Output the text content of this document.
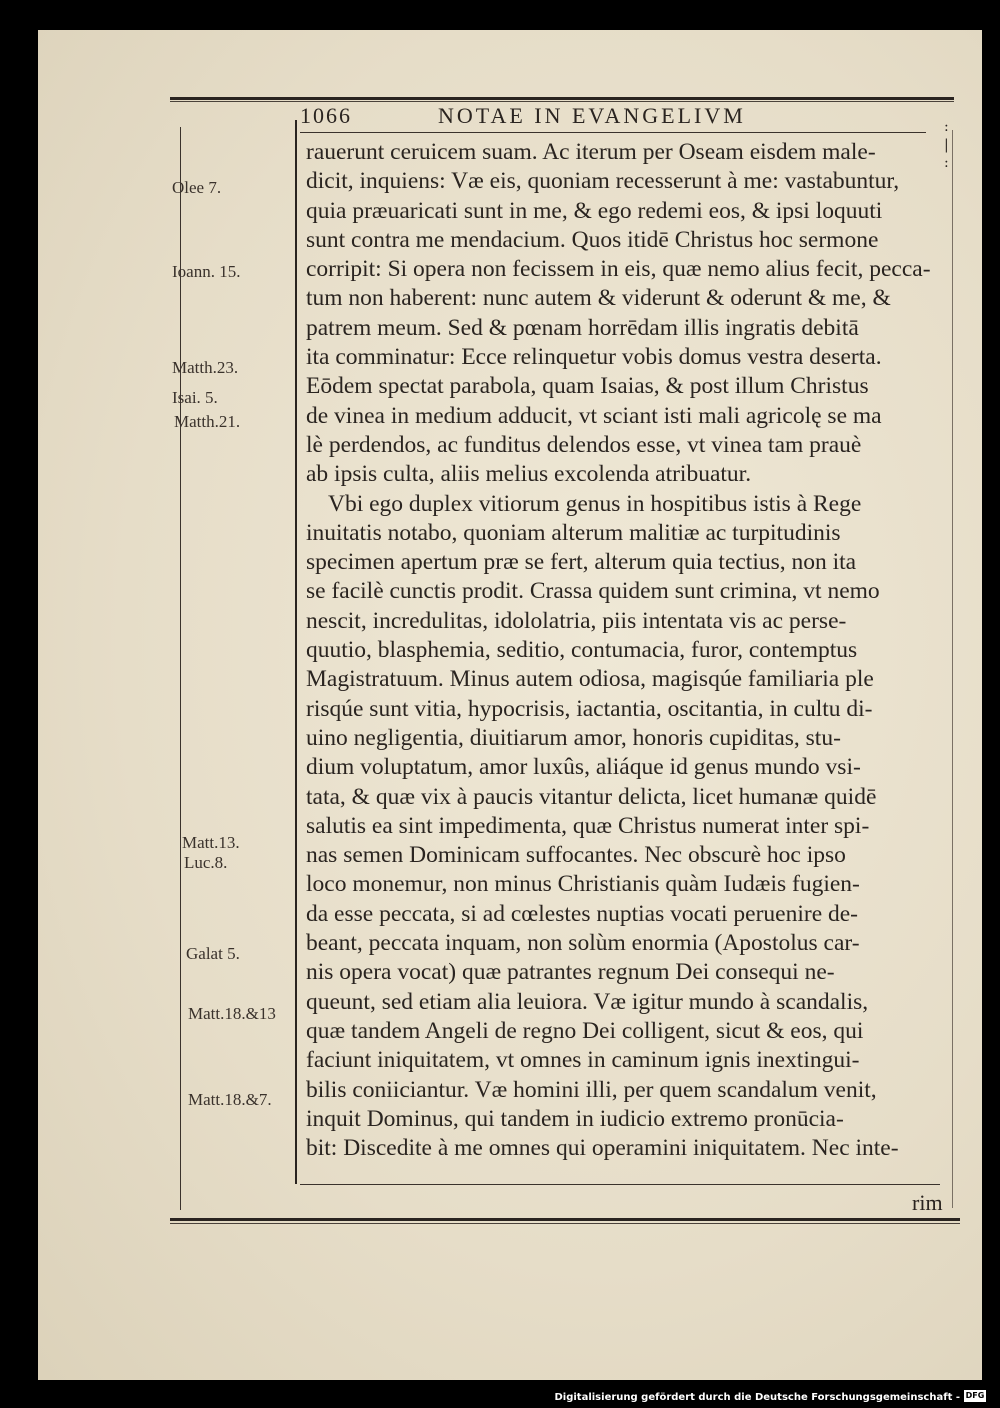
1066	NOTAE IN EVANGELIVM	:
|
:
Olee 7.
Ioann. 15.
Matth.23.
Isai. 5.
Matth.21.
Matt.13.
Luc.8.
Galat 5.
Matt.18.&13
Matt.18.&7.
rauerunt ceruicem suam. Ac iterum per Oseam eisdem male-
dicit, inquiens: Væ eis, quoniam recesserunt à me: vastabuntur,
quia præuaricati sunt in me, & ego redemi eos, & ipsi loquuti
sunt contra me mendacium. Quos itidē Christus hoc sermone
corripit: Si opera non fecissem in eis, quæ nemo alius fecit, pecca-
tum non haberent: nunc autem & viderunt & oderunt & me, &
patrem meum. Sed & pœnam horrēdam illis ingratis debitā
ita comminatur: Ecce relinquetur vobis domus vestra deserta.
Eōdem spectat parabola, quam Isaias, & post illum Christus
de vinea in medium adducit, vt sciant isti mali agricolę se ma
lè perdendos, ac funditus delendos esse, vt vinea tam prauè
ab ipsis culta, aliis melius excolenda atribuatur.
Vbi ego duplex vitiorum genus in hospitibus istis à Rege
inuitatis notabo, quoniam alterum malitiæ ac turpitudinis
specimen apertum præ se fert, alterum quia tectius, non ita
se facilè cunctis prodit. Crassa quidem sunt crimina, vt nemo
nescit, incredulitas, idololatria, piis intentata vis ac perse-
quutio, blasphemia, seditio, contumacia, furor, contemptus
Magistratuum. Minus autem odiosa, magisqúe familiaria ple
risqúe sunt vitia, hypocrisis, iactantia, oscitantia, in cultu di-
uino negligentia, diuitiarum amor, honoris cupiditas, stu-
dium voluptatum, amor luxûs, aliáque id genus mundo vsi-
tata, & quæ vix à paucis vitantur delicta, licet humanæ quidē
salutis ea sint impedimenta, quæ Christus numerat inter spi-
nas semen Dominicam suffocantes. Nec obscurè hoc ipso
loco monemur, non minus Christianis quàm Iudæis fugien-
da esse peccata, si ad cœlestes nuptias vocati peruenire de-
beant, peccata inquam, non solùm enormia (Apostolus car-
nis opera vocat) quæ patrantes regnum Dei consequi ne-
queunt, sed etiam alia leuiora. Væ igitur mundo à scandalis,
quæ tandem Angeli de regno Dei colligent, sicut & eos, qui
faciunt iniquitatem, vt omnes in caminum ignis inextingui-
bilis coniiciantur. Væ homini illi, per quem scandalum venit,
inquit Dominus, qui tandem in iudicio extremo pronūcia-
bit: Discedite à me omnes qui operamini iniquitatem. Nec inte-
rim
Digitalisierung gefördert durch die Deutsche Forschungsgemeinschaft - DFG
